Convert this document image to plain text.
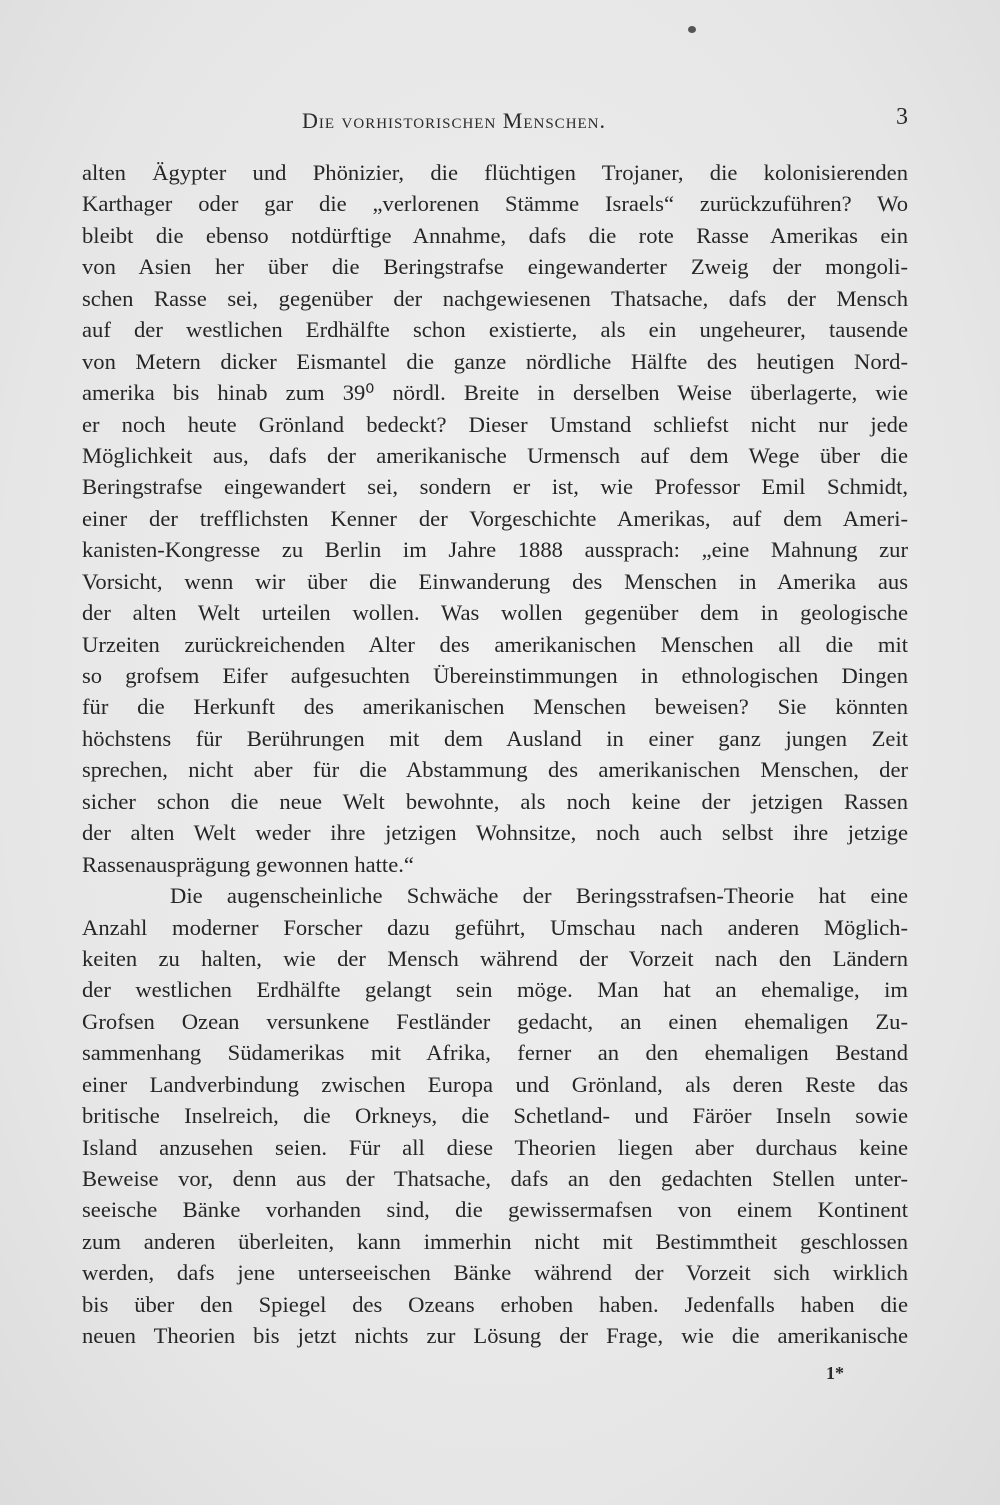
Die vorhistorischen Menschen.	3
alten Ägypter und Phönizier, die flüchtigen Trojaner, die kolonisierenden
Karthager oder gar die „verlorenen Stämme Israels“ zurückzuführen? Wo
bleibt die ebenso notdürftige Annahme, dafs die rote Rasse Amerikas ein
von Asien her über die Beringstrafse eingewanderter Zweig der mongoli-
schen Rasse sei, gegenüber der nachgewiesenen Thatsache, dafs der Mensch
auf der westlichen Erdhälfte schon existierte, als ein ungeheurer, tausende
von Metern dicker Eismantel die ganze nördliche Hälfte des heutigen Nord-
amerika bis hinab zum 39⁰ nördl. Breite in derselben Weise überlagerte, wie
er noch heute Grönland bedeckt? Dieser Umstand schliefst nicht nur jede
Möglichkeit aus, dafs der amerikanische Urmensch auf dem Wege über die
Beringstrafse eingewandert sei, sondern er ist, wie Professor Emil Schmidt,
einer der trefflichsten Kenner der Vorgeschichte Amerikas, auf dem Ameri-
kanisten-Kongresse zu Berlin im Jahre 1888 aussprach: „eine Mahnung zur
Vorsicht, wenn wir über die Einwanderung des Menschen in Amerika aus
der alten Welt urteilen wollen. Was wollen gegenüber dem in geologische
Urzeiten zurückreichenden Alter des amerikanischen Menschen all die mit
so grofsem Eifer aufgesuchten Übereinstimmungen in ethnologischen Dingen
für die Herkunft des amerikanischen Menschen beweisen? Sie könnten
höchstens für Berührungen mit dem Ausland in einer ganz jungen Zeit
sprechen, nicht aber für die Abstammung des amerikanischen Menschen, der
sicher schon die neue Welt bewohnte, als noch keine der jetzigen Rassen
der alten Welt weder ihre jetzigen Wohnsitze, noch auch selbst ihre jetzige
Rassenausprägung gewonnen hatte.“
Die augenscheinliche Schwäche der Beringsstrafsen-Theorie hat eine
Anzahl moderner Forscher dazu geführt, Umschau nach anderen Möglich-
keiten zu halten, wie der Mensch während der Vorzeit nach den Ländern
der westlichen Erdhälfte gelangt sein möge. Man hat an ehemalige, im
Grofsen Ozean versunkene Festländer gedacht, an einen ehemaligen Zu-
sammenhang Südamerikas mit Afrika, ferner an den ehemaligen Bestand
einer Landverbindung zwischen Europa und Grönland, als deren Reste das
britische Inselreich, die Orkneys, die Schetland- und Färöer Inseln sowie
Island anzusehen seien. Für all diese Theorien liegen aber durchaus keine
Beweise vor, denn aus der Thatsache, dafs an den gedachten Stellen unter-
seeische Bänke vorhanden sind, die gewissermafsen von einem Kontinent
zum anderen überleiten, kann immerhin nicht mit Bestimmtheit geschlossen
werden, dafs jene unterseeischen Bänke während der Vorzeit sich wirklich
bis über den Spiegel des Ozeans erhoben haben. Jedenfalls haben die
neuen Theorien bis jetzt nichts zur Lösung der Frage, wie die amerikanische
1*
